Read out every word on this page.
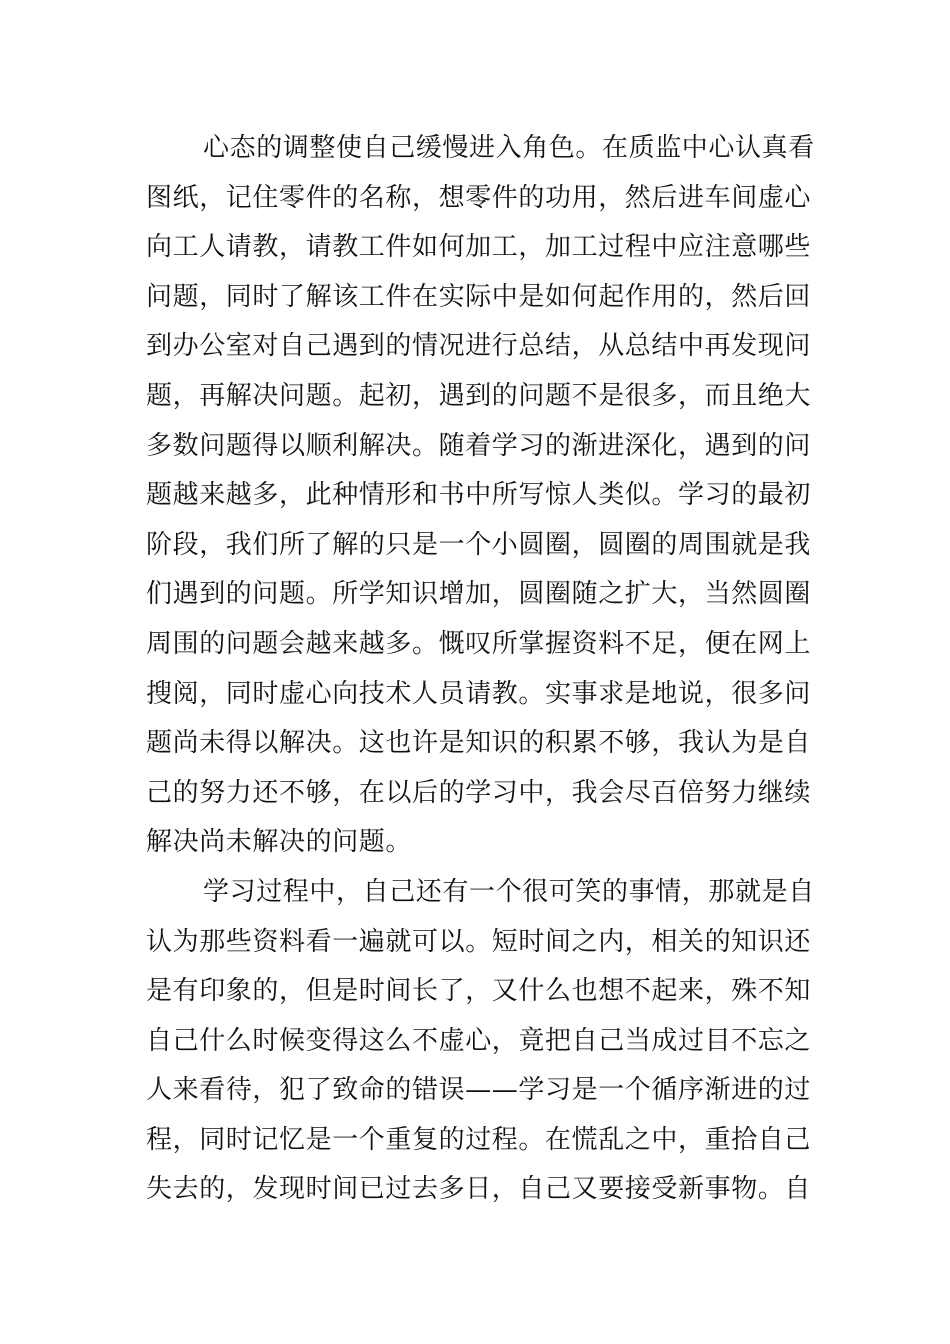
心态的调整使自己缓慢进入角色。在质监中心认真看
图纸，记住零件的名称，想零件的功用，然后进车间虚心
向工人请教，请教工件如何加工，加工过程中应注意哪些
问题，同时了解该工件在实际中是如何起作用的，然后回
到办公室对自己遇到的情况进行总结，从总结中再发现问
题，再解决问题。起初，遇到的问题不是很多，而且绝大
多数问题得以顺利解决。随着学习的渐进深化，遇到的问
题越来越多，此种情形和书中所写惊人类似。学习的最初
阶段，我们所了解的只是一个小圆圈，圆圈的周围就是我
们遇到的问题。所学知识增加，圆圈随之扩大，当然圆圈
周围的问题会越来越多。慨叹所掌握资料不足，便在网上
搜阅，同时虚心向技术人员请教。实事求是地说，很多问
题尚未得以解决。这也许是知识的积累不够，我认为是自
己的努力还不够，在以后的学习中，我会尽百倍努力继续
解决尚未解决的问题。
学习过程中，自己还有一个很可笑的事情，那就是自
认为那些资料看一遍就可以。短时间之内，相关的知识还
是有印象的，但是时间长了，又什么也想不起来，殊不知
自己什么时候变得这么不虚心，竟把自己当成过目不忘之
人来看待，犯了致命的错误——学习是一个循序渐进的过
程，同时记忆是一个重复的过程。在慌乱之中，重拾自己
失去的，发现时间已过去多日，自己又要接受新事物。自
